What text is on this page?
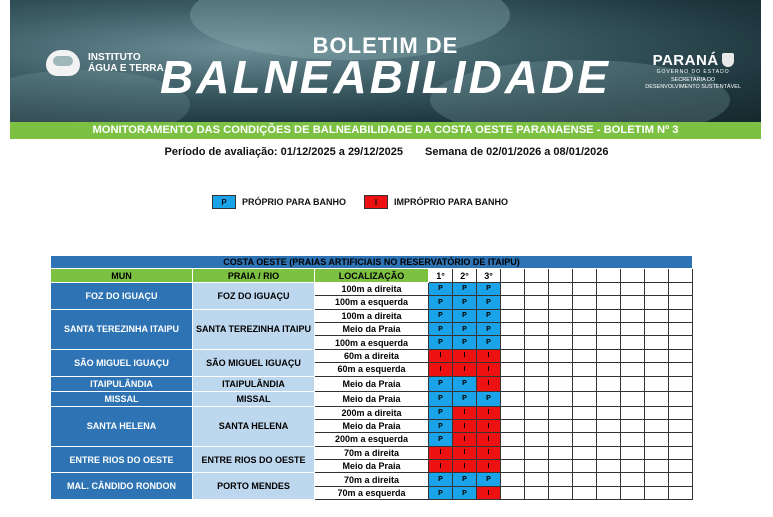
INSTITUTO
ÁGUA E TERRA
BOLETIM DE
BALNEABILIDADE	PARANÁ
GOVERNO DO ESTADO
SECRETARIA DO
DESENVOLVIMENTO SUSTENTÁVEL
MONITORAMENTO DAS CONDIÇÕES DE BALNEABILIDADE DA COSTA OESTE PARANAENSE - BOLETIM Nº 3
Período de avaliação: 01/12/2025 a 29/12/2025 Semana de 02/01/2026 a 08/01/2026
P	PRÓPRIO PARA BANHO	I	IMPRÓPRIO PARA BANHO
COSTA OESTE (PRAIAS ARTIFICIAIS NO RESERVATÓRIO DE ITAIPU)													
MUN	PRAIA / RIO	LOCALIZAÇÃO	1°	2°	3°								
FOZ DO IGUAÇU	FOZ DO IGUAÇU	100m a direita	P	P	P								
		100m a esquerda	P	P	P								
SANTA TEREZINHA ITAIPU	SANTA TEREZINHA ITAIPU	100m a direita	P	P	P								
		Meio da Praia	P	P	P								
		100m a esquerda	P	P	P								
SÃO MIGUEL IGUAÇU	SÃO MIGUEL IGUAÇU	60m a direita	I	I	I								
		60m a esquerda	I	I	I								
ITAIPULÂNDIA	ITAIPULÂNDIA	Meio da Praia	P	P	I								
MISSAL	MISSAL	Meio da Praia	P	P	P								
SANTA HELENA	SANTA HELENA	200m a direita	P	I	I								
		Meio da Praia	P	I	I								
		200m a esquerda	P	I	I								
ENTRE RIOS DO OESTE	ENTRE RIOS DO OESTE	70m a direita	I	I	I								
		Meio da Praia	I	I	I								
MAL. CÂNDIDO RONDON	PORTO MENDES	70m a direita	P	P	P								
		70m a esquerda	P	P	I								
